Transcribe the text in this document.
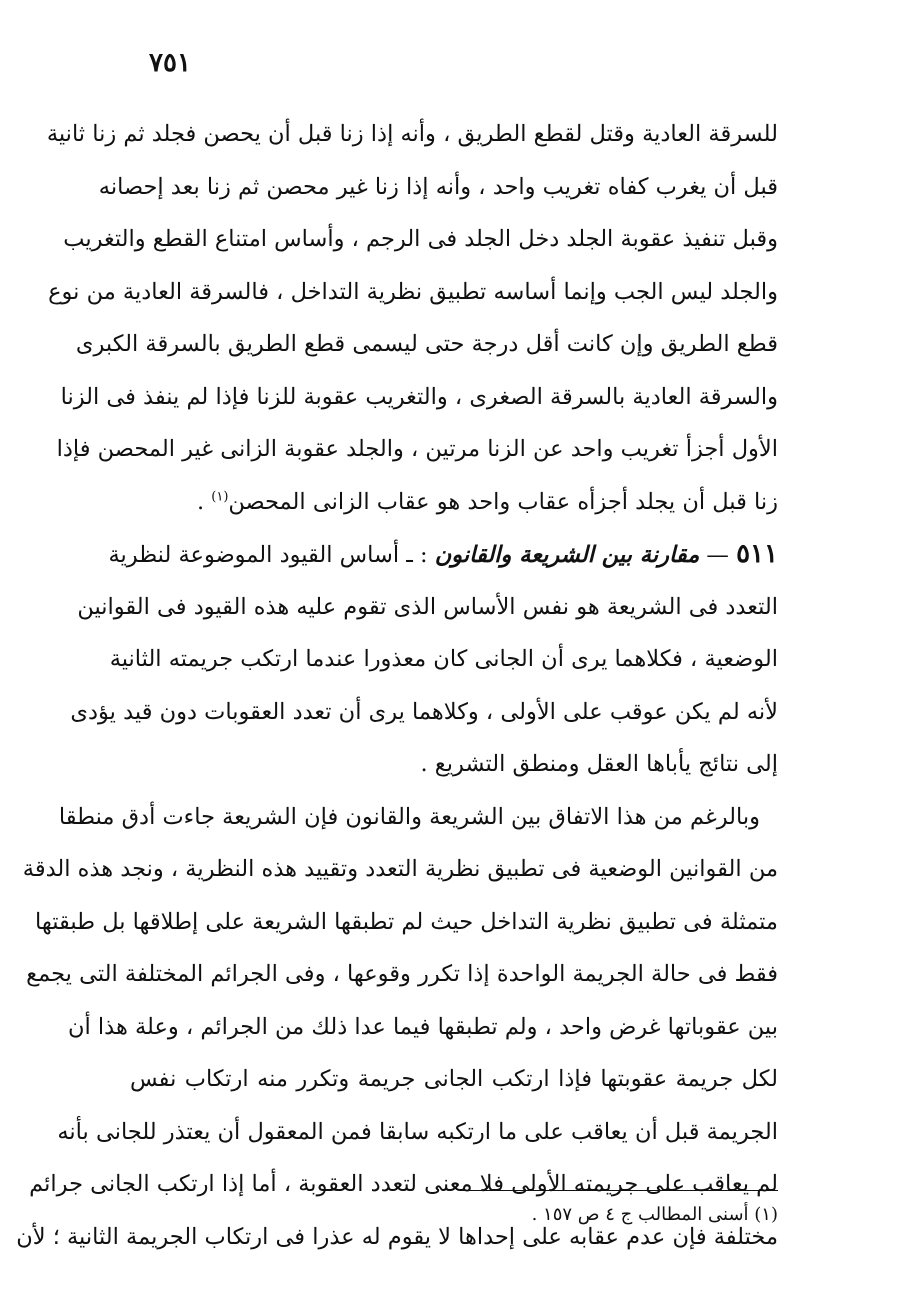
٧٥١
للسرقة العادية وقتل لقطع الطريق ، وأنه إذا زنا قبل أن يحصن فجلد ثم زنا ثانية
قبل أن يغرب كفاه تغريب واحد ، وأنه إذا زنا غير محصن ثم زنا بعد إحصانه
وقبل تنفيذ عقوبة الجلد دخل الجلد فى الرجم ، وأساس امتناع القطع والتغريب
والجلد ليس الجب وإنما أساسه تطبيق نظرية التداخل ، فالسرقة العادية من نوع
قطع الطريق وإن كانت أقل درجة حتى ليسمى قطع الطريق بالسرقة الكبرى
والسرقة العادية بالسرقة الصغرى ، والتغريب عقوبة للزنا فإذا لم ينفذ فى الزنا
الأول أجزأ تغريب واحد عن الزنا مرتين ، والجلد عقوبة الزانى غير المحصن فإذا
زنا قبل أن يجلد أجزأه عقاب واحد هو عقاب الزانى المحصن$^{(١)}$ .
٥١١ — مقارنة بين الشريعة والقانون : ـ أساس القيود الموضوعة لنظرية
التعدد فى الشريعة هو نفس الأساس الذى تقوم عليه هذه القيود فى القوانين
الوضعية ، فكلاهما يرى أن الجانى كان معذورا عندما ارتكب جريمته الثانية
لأنه لم يكن عوقب على الأولى ، وكلاهما يرى أن تعدد العقوبات دون قيد يؤدى
إلى نتائج يأباها العقل ومنطق التشريع .
وبالرغم من هذا الاتفاق بين الشريعة والقانون فإن الشريعة جاءت أدق منطقا
من القوانين الوضعية فى تطبيق نظرية التعدد وتقييد هذه النظرية ، ونجد هذه الدقة
متمثلة فى تطبيق نظرية التداخل حيث لم تطبقها الشريعة على إطلاقها بل طبقتها
فقط فى حالة الجريمة الواحدة إذا تكرر وقوعها ، وفى الجرائم المختلفة التى يجمع
بين عقوباتها غرض واحد ، ولم تطبقها فيما عدا ذلك من الجرائم ، وعلة هذا أن
لكل جريمة عقوبتها فإذا ارتكب الجانى جريمة وتكرر منه ارتكاب نفس
الجريمة قبل أن يعاقب على ما ارتكبه سابقا فمن المعقول أن يعتذر للجانى بأنه
لم يعاقب على جريمته الأولى فلا معنى لتعدد العقوبة ، أما إذا ارتكب الجانى جرائم
مختلفة فإن عدم عقابه على إحداها لا يقوم له عذرا فى ارتكاب الجريمة الثانية ؛ لأن
(١) أسنى المطالب ج ٤ ص ١٥٧ .
